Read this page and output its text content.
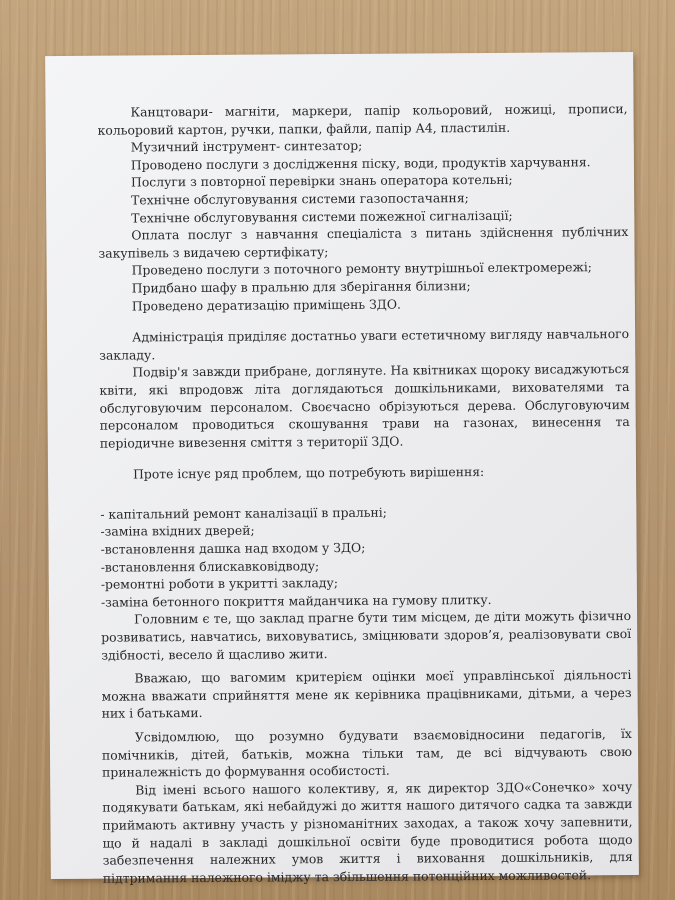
Канцтовари- магніти, маркери, папір кольоровий, ножиці, прописи, кольоровий картон, ручки, папки, файли, папір А4, пластилін.

Музичний інструмент- синтезатор;

Проводено послуги з дослідження піску, води, продуктів харчування.

Послуги з повторної перевірки знань оператора котельні;

Технічне обслуговування системи газопостачання;

Технічне обслуговування системи пожежної сигналізації;

Оплата послуг з навчання спеціаліста з питань здійснення публічних закупівель з видачею сертифікату;

Проведено послуги з поточного ремонту внутрішньої електромережі;

Придбано шафу в пральню для зберігання білизни;

Проведено дератизацію приміщень ЗДО.

Адміністрація приділяє достатньо уваги естетичному вигляду навчального закладу.

Подвір'я завжди прибране, доглянуте. На квітниках щороку висаджуються квіти, які впродовж літа доглядаються дошкільниками, вихователями та обслуговуючим персоналом. Своєчасно обрізуються дерева. Обслуговуючим персоналом проводиться скошування трави на газонах, винесення та періодичне вивезення сміття з території ЗДО.

Проте існує ряд проблем, що потребують вирішення:

- капітальний ремонт каналізації в пральні;

-заміна вхідних дверей;

-встановлення дашка над входом у ЗДО;

-встановлення блискавковідводу;

-ремонтні роботи в укритті закладу;

-заміна бетонного покриття майданчика на гумову плитку.

Головним є те, що заклад прагне бути тим місцем, де діти можуть фізично розвиватись, навчатись, виховуватись, зміцнювати здоров’я, реалізовувати свої здібності, весело й щасливо жити.

Вважаю, що вагомим критерієм оцінки моєї управлінської діяльності можна вважати сприйняття мене як керівника працівниками, дітьми, а через них і батьками.

Усвідомлюю, що розумно будувати взаємовідносини педагогів, їх помічників, дітей, батьків, можна тільки там, де всі відчувають свою приналежність до формування особистості.

Від імені всього нашого колективу, я, як директор ЗДО«Сонечко» хочу подякувати батькам, які небайдужі до життя нашого дитячого садка та завжди приймають активну участь у різноманітних заходах, а також хочу запевнити, що й надалі в закладі дошкільної освіти буде проводитися робота щодо забезпечення належних умов життя і виховання дошкільників, для підтримання належного іміджу та збільшення потенційних можливостей.
